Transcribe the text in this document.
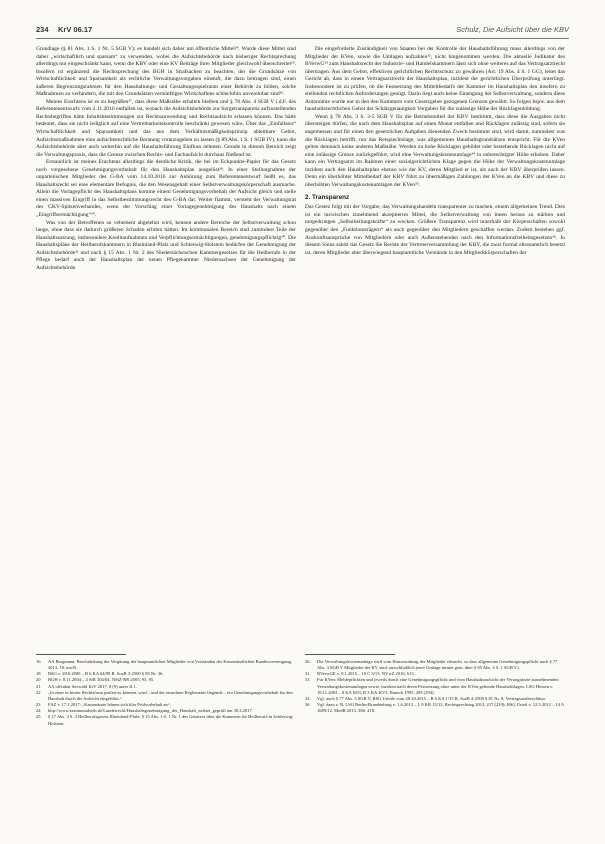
234 KrV 06.17	Schulz, Die Aufsicht über die KBV

Grundlage (§ 81 Abs. 1 S. 1 Nr. 5 SGB V); es handelt sich daher um öffentliche Mittel²⁴. Wurde diese Mittel sind daher „wirtschaftlich und sparsam“ zu verwenden, wobei die Aufsichtsbehörde nach bisheriger Rechtsprechung allerdings nur eingeschränkt kann, wenn die KBV oder eine KV Beiträge ihrer Mitglieder gleichwohl überschreitet²⁵. Insofern ist ergänzend die Rechtsprechung des BGH in Strafsachen zu beachten, der die Grundsätze von Wirtschaftlichkeit und Sparsamkeit als rechtliche Verwaltungsvorgaben einstuft, die dazu beitragen sind, einen äußeren Begrenzungsrahmen für den Haushaltungs- und Gestaltungsspielraum einer Behörde zu bilden, solche Maßnahmen zu verhindern, die mit den Grundsätzen vernünftigen Wirtschaftens schlechthin unvereinbar sind²⁶.

Meines Erachtens ist es zu begrüßen²⁷, dass diese Maßstäbe erhalten bleiben und § 78 Abs. 4 SGB V i.d.F. des Referentenentwurfs vom 2.11.2016 entfallen ist, wonach die Aufsichtsbehörde zur Sorgetransparenz aufzustellenden Rechtsbegriffen hätte Inhaltsbestimmungen zur Rechtsanwendung und Rechtsaufsicht erlassen können. Das hätte bedeutet, dass sie nicht lediglich auf eine Vertretbarkeitskontrolle beschränkt gewesen wäre. Über das „Einfallstor“ Wirtschaftlichkeit und Sparsamkeit und das aus dem Verhältnismäßigkeitsprinzip ableitbare Gebot, Aufsichtsmaßnahmen eine aufsichtsrechtliche Beratung voranzugehen zu lassen (§ 89 Abs. 1 S. 1 SGB IV), kann die Aufsichtsbehörde aber auch weiterhin auf die Haushaltsführung Einfluss nehmen. Gerade in diesem Bereich zeigt die Verwaltungspraxis, dass die Grenze zwischen Rechts- und Fachaufsicht durchaus fließend ist.

Erstaunlich ist meines Erachtens allerdings die deutliche Kritik, die bei im Eckpunkte-Papier für das Gesetz noch vorgesehene Genehmigungsvorbehalt für den Haushaltsplan ausgelöst²⁸. In einer Stellungnahme der unparteiischen Mitglieder des G-BA vom 14.10.2016 zur Anhörung zum Referentenentwurf heißt es, das Haushaltsrecht sei eine elementare Befugnis, die den Wesensgehalt einer Selbstverwaltungskörperschaft ausmache. Allein die Vorlagepflicht des Haushaltsplans komme einem Genehmigungsvorbehalt der Aufsicht gleich und stelle einen massiven Eingriff in das Selbstbestimmungsrecht des G-BA dar. Weiter flammt, versteht der Verwaltungsrat des GKV-Spitzenverbandes, wenn der Vorschlag einer Vorlagegenehmigung des Haushalts nach einem „Eingriffsermächtigung“²⁹.

Was von der Betroffenen so vehement abgelehnt wird, kennen andere Bereiche der Selbstverwaltung schon lange, ohne dass sie dadurch größeren Schaden erlitten hätten. Im kommunalen Bereich sind zumindest Teile der Haushaltssatzung, insbesondere Kreditaufnahmen und Verpflichtungsermächtigungen, genehmigungspflichtig³⁰. Die Haushaltspläne der Heilberufskammern in Rheinland-Pfalz und Schleswig-Holstein bedürfen der Genehmigung der Aufsichtsbehörde³¹ und nach § 15 Abs. 1 Nr. 2 des Niedersächsischen Kammergesetzes für die Heilberufe in der Pflege bedarf auch der Haushaltsplan der neuen Pflegekammer Niedersachsen der Genehmigung der Aufsichtsbehörde.

Die eingeforderte Zuständigkeit von Staaten bei der Kontrolle der Haushaltsführung muss allerdings von der Mitglieder der KVen, sowie die Umlagen aufzahlen³², nicht hingenommen werden. Die aktuelle Judikatur des BVerwG³³ zum Haushaltsrecht der Industrie- und Handelskammern lässt sich ohne weiteres auf das Vertragsarztrecht übertragen. Aus dem Gebot, effektiven gerichtlichen Rechtsschutz zu gewähren (Art. 19 Abs. 4 S. 1 GG), leitet das Gericht ab, dass in einem Vertragsarztrecht der Haushaltsplan, inzident der gerichtlichen Überprüfung unterliegt. Insbesondere ist zu prüfen, ob die Festsetzung des Mitteltbedarfs der Kammer im Haushaltsplan den insofern zu stellenden rechtlichen Anforderungen genügt. Darin liegt auch keine Einengung der Selbstverwaltung, sondern diese Autonomie wurde nur in den den Kammern vom Gesetzgeber gezogenen Grenzen gewährt. So folgen bspw. aus dem haushaltsrechtlichen Gebot der Schätzgenauigkeit Vorgaben für die zulässige Höhe der Rücklagenbildung.

Wenn § 78 Abs. 3 S. 3-5 SGB V für die Betriebsmittel der KBV bestimmt, dass diese die Ausgaben nicht übersteigen dürfen, die nach dem Haushaltsplan auf einen Monat entfallen und Rücklagen zulässig sind, sofern sie angemessen und für einen den gesetzlichen Aufgaben dienenden Zweck bestimmt sind, wird damit, zumindest was die Rücklagen betrifft, nur das Reispiechtslage, was allgemeines Haushaltsgrundsätzen entspricht. Für die KVen gelten demnach keine anderen Maßstäbe. Werden zu hohe Rücklagen gebildet oder bestehende Rücklagen nicht auf eine zulässige Grenze zurückgeführt, wird eine Verwaltungskostenumlage³⁴ in unberechtigter Höhe erhoben. Daher kann ein Vertragsarzt im Rahmen einer sozialgerichtlichen Klage gegen die Höhe der Verwaltungskostenumlage inzident auch den Haushaltsplan ebenso wie der KV, deren Mitglied er ist, als auch der KBV überprüfen lassen. Denn ein überhöhter Mittelbedarf der KBV führt zu übermäßigen Zahlungen der KVen an die KBV und diese zu überhöhten Verwaltungskostenumlagen der KVen³⁵.

2. Transparenz

Das Gesetz folgt mit der Vorgabe, das Verwaltungshandeln transparenter zu machen, einem allgemeinen Trend. Dies ist ein inzwischen zunehmend akzeptiertes Mittel, die Selbstverwaltung von innen heraus zu stärken und notgedrungen „Selbstheilungskräfte“ zu wecken. Größere Transparenz wird innerhalb der Körperschaften sowohl gegenüber den „Funktionsträgern“ als auch gegenüber den Mitgliedern geschaffen werden. Zudem bestehen ggf. Auskunftsansprüche von Mitgliedern oder auch Außenstehenden nach den Informationsfreiheitsgesetzen³⁶. In diesem Sinne stärkt das Gesetz die Rechte der Vertreterversammlung der KBV, die zwar formal ehrenamtlich besetzt ist, deren Mitglieder aber überwiegend hauptamtliche Vorstände in den Mitgliedskörperschaften der

16	AA Bergmann, Beschränkung der Vergütung der hauptamtlichen Mitglieder von Vorständen der Kassenärztlichen Bundesvereinigung, 2013, 18, mwN.
18	BSG v. 28.6.2000 – B 6 KA 64/98 R, SozR 3-2500 § 85 Nr. 36.
20	BGH v. 8.11.2004 – 4 StR 304/04, NStZ-RR 2005, 93, 95.
21	AA offenbar Seewald KrV 2017, 8 (9) unter II.1.
22	„In einer in bester Rechtsform prüfen zu können, wird – und der einzelnen Reglements liegende – ein Genehmigungsvorbehalt für den Haushalt durch die Aufsicht eingeführt.“
23	FAZ v. 17.1.2017: „Kassenärzte lehnen sich klar Prüfvorbehalt an“.
24	http://www.kommunalweb.de/Landesrecht/Haushaltsgenehmigung_der_Haushalt_zuletzt_geprüft am 30.3.2017.
25	§ 17 Abs. 3 S. 3 Heilberufsgesetz Rheinland-Pfalz; § 15 Abs. 1 S. 1 Nr. 1 des Gesetzes über die Kammern für Heilberufe in Schleswig-Holstein.
26	Die Verwaltungskostenumlage wird vom Honorarabzug der Mitglieder erbracht, so dass allgemeine Genehmigungspflicht nach § 77 Abs. 3 SGB V Mitglieder der KV sind, ausschließlich jener Umlage immer gem. über § 85 Abs. 4 S. 1 SGB V).
31	BVerwGE v. 9.1.2015 – 10 C 3/15, NVwZ 2016, 613.
33	Für KVen: Meldepflichten und jeweils durch eine Genehmigungspflicht und vom Haushaltsaufsicht der Vertragsärzte ausnehmenden Verwaltungskostenumlagen sowie, inzident nach deren Festsetzung ohne unter der KVen geltende Haushaltslagen, LSG Hessen v. 19.11.2003 – 8 KA 6/03, B 3 KA-KV3, Rausch 1995, 293 (294).
34	Vgl. auch § 77 Abs. 3 SGB V, BSG Urteile vom 28.10.2015 – B 6 KA 1/15 R, SozR 4-2500 § 81 Nr. 8; Vertragsarztbeschluss.
36	Vgl. dazu z. B. LSG Berlin-Brandenburg v. 1.6.2012 – L 9 KR 13/12, Rechtsprechung 2013, 217 (219); BSG Urteil v. 12.5.2012 – 14 A 1689/12, MedR 2013, 386, 418.
